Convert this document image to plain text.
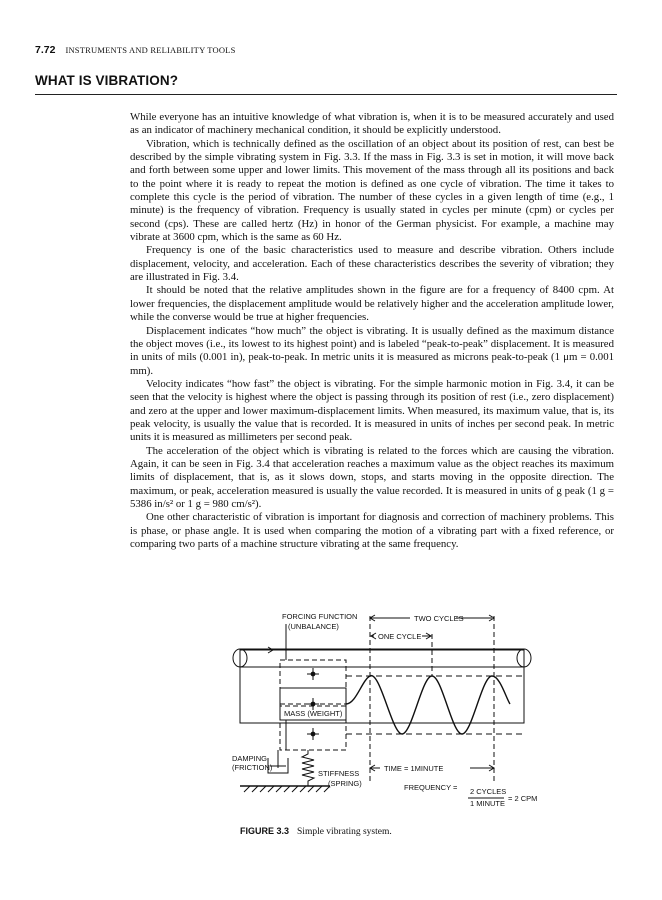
7.72 INSTRUMENTS AND RELIABILITY TOOLS
WHAT IS VIBRATION?

While everyone has an intuitive knowledge of what vibration is, when it is to be measured accurately and used as an indicator of machinery mechanical condition, it should be explicitly understood.

Vibration, which is technically defined as the oscillation of an object about its position of rest, can best be described by the simple vibrating system in Fig. 3.3. If the mass in Fig. 3.3 is set in motion, it will move back and forth between some upper and lower limits. This movement of the mass through all its positions and back to the point where it is ready to repeat the motion is defined as one cycle of vibration. The time it takes to complete this cycle is the period of vibration. The number of these cycles in a given length of time (e.g., 1 minute) is the frequency of vibration. Frequency is usually stated in cycles per minute (cpm) or cycles per second (cps). These are called hertz (Hz) in honor of the German physicist. For example, a machine may vibrate at 3600 cpm, which is the same as 60 Hz.

Frequency is one of the basic characteristics used to measure and describe vibration. Others include displacement, velocity, and acceleration. Each of these characteristics describes the severity of vibration; they are illustrated in Fig. 3.4.

It should be noted that the relative amplitudes shown in the figure are for a frequency of 8400 cpm. At lower frequencies, the displacement amplitude would be relatively higher and the acceleration amplitude lower, while the converse would be true at higher frequencies.

Displacement indicates “how much” the object is vibrating. It is usually defined as the maximum distance the object moves (i.e., its lowest to its highest point) and is labeled “peak-to-peak” displacement. It is measured in units of mils (0.001 in), peak-to-peak. In metric units it is measured as microns peak-to-peak (1 μm = 0.001 mm).

Velocity indicates “how fast” the object is vibrating. For the simple harmonic motion in Fig. 3.4, it can be seen that the velocity is highest where the object is passing through its position of rest (i.e., zero displacement) and zero at the upper and lower maximum-displacement limits. When measured, its maximum value, that is, its peak velocity, is usually the value that is recorded. It is measured in units of inches per second peak. In metric units it is measured as millimeters per second peak.

The acceleration of the object which is vibrating is related to the forces which are causing the vibration. Again, it can be seen in Fig. 3.4 that acceleration reaches a maximum value as the object reaches its maximum limits of displacement, that is, as it slows down, stops, and starts moving in the opposite direction. The maximum, or peak, acceleration measured is usually the value recorded. It is measured in units of g peak (1 g = 5386 in/s² or 1 g = 980 cm/s²).

One other characteristic of vibration is important for diagnosis and correction of machinery problems. This is phase, or phase angle. It is used when comparing the motion of a vibrating part with a fixed reference, or comparing two parts of a machine structure vibrating at the same frequency.

FORCING FUNCTION
(UNBALANCE)
TWO CYCLES
ONE CYCLE
MASS (WEIGHT)
DAMPING
(FRICTION)
STIFFNESS
(SPRING)
TIME = 1MINUTE
FREQUENCY = 2 CYCLES
1 MINUTE
= 2 CPM
FIGURE 3.3 Simple vibrating system.
